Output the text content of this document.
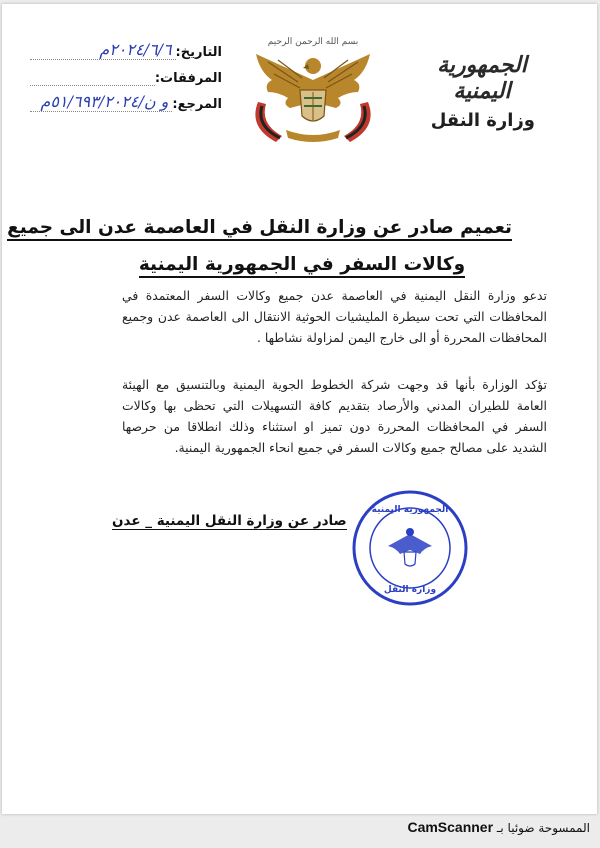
الجمهورية اليمنية
وزارة النقل
بسم الله الرحمن الرحيم
التاريخ:
٢٠٢٤/٦/٦م
المرفقات:
المرجع:
و ن/٥١/٦٩٣/٢٠٢٤م
تعميم صادر عن وزارة النقل في العاصمة عدن الى جميع
وكالات السفر في الجمهورية اليمنية
تدعو وزارة النقل اليمنية في العاصمة عدن جميع وكالات السفر المعتمدة في المحافظات التي تحت سيطرة المليشيات الحوثية الانتقال الى العاصمة عدن وجميع المحافظات المحررة أو الى خارج اليمن لمزاولة نشاطها .
تؤكد الوزارة بأنها قد وجهت شركة الخطوط الجوية اليمنية وبالتنسيق مع الهيئة العامة للطيران المدني والأرصاد بتقديم كافة التسهيلات التي تحظى بها وكالات السفر في المحافظات المحررة دون تميز او استثناء وذلك انطلاقا من حرصها الشديد على مصالح جميع وكالات السفر في جميع انحاء الجمهورية اليمنية.
صادر عن وزارة النقل اليمنية _ عدن
الجمهورية اليمنية
وزارة النقل
الممسوحة ضوئيا بـ CamScanner
